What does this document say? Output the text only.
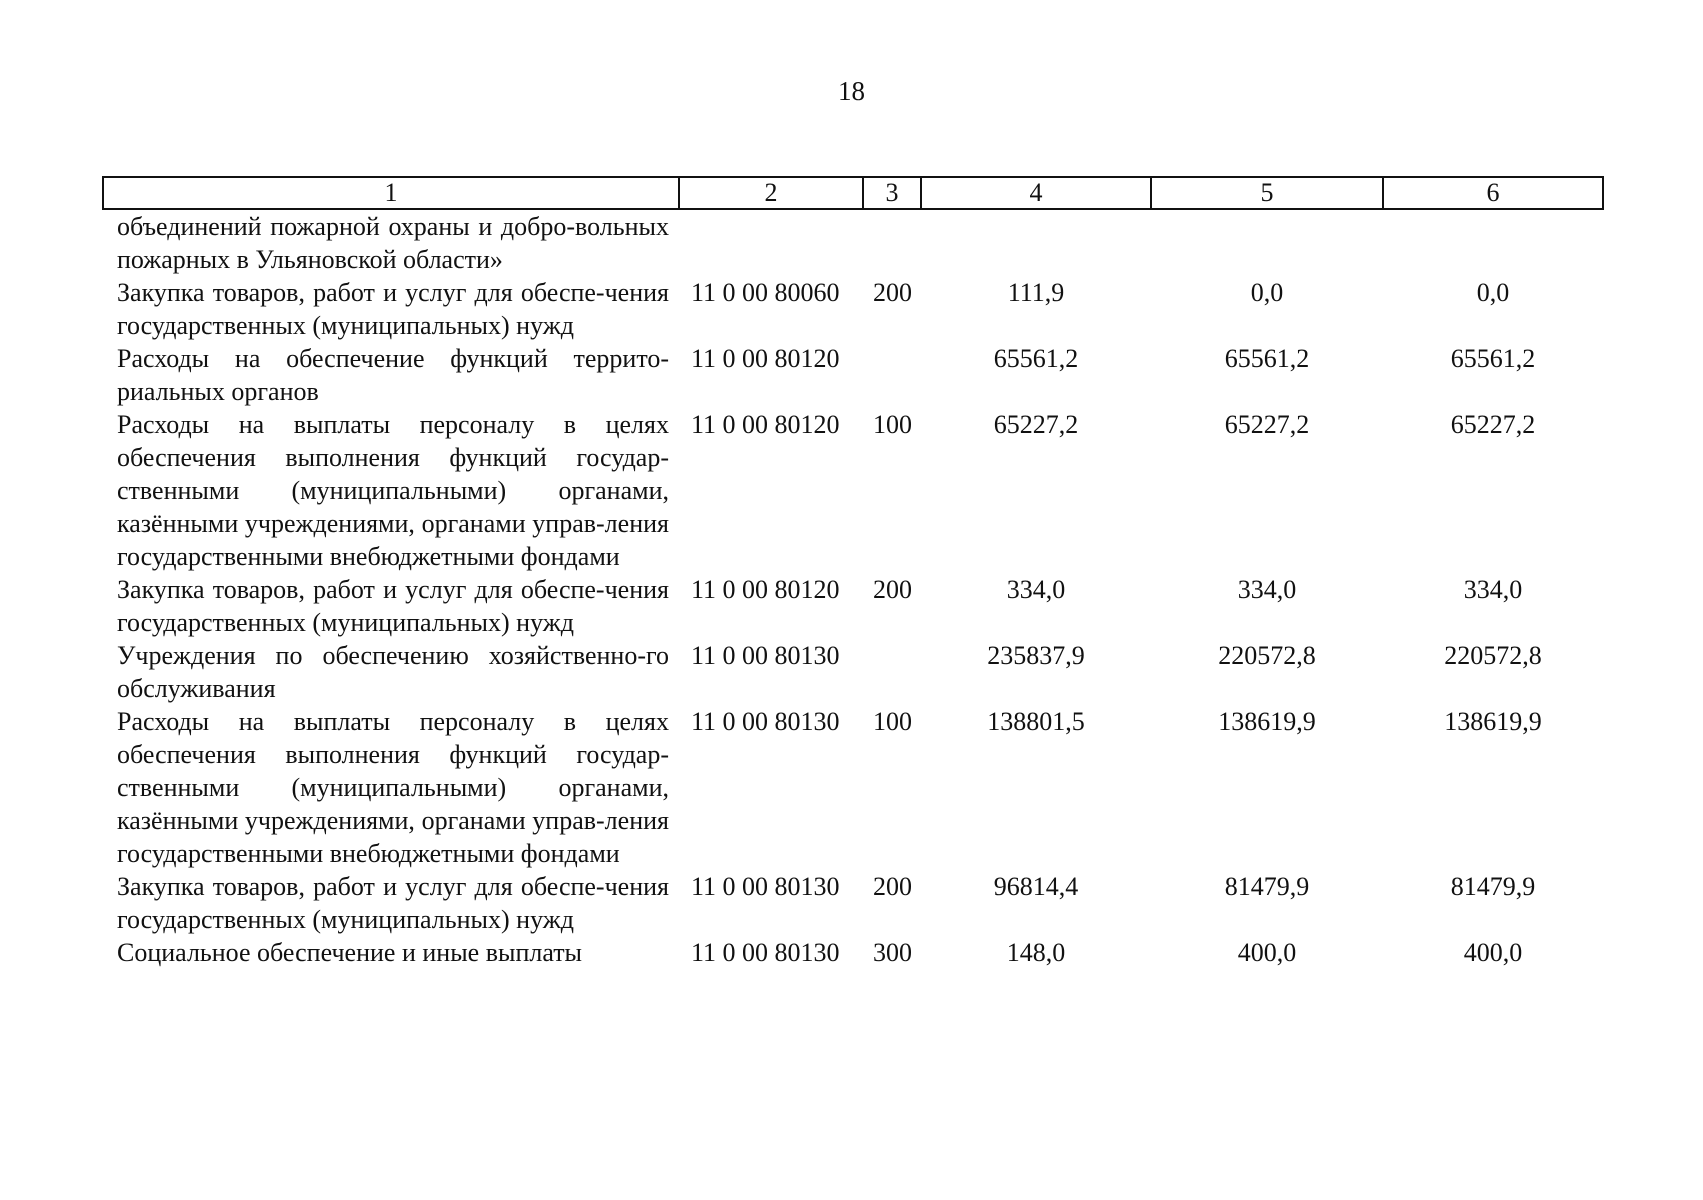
18
1	2	3	4	5	6
объединений пожарной охраны и добро-вольных пожарных в Ульяновской области»					
Закупка товаров, работ и услуг для обеспе-чения государственных (муниципальных) нужд	11 0 00 80060	200	111,9	0,0	0,0
Расходы на обеспечение функций террито-риальных органов	11 0 00 80120		65561,2	65561,2	65561,2
Расходы на выплаты персоналу в целях обеспечения выполнения функций государ-ственными (муниципальными) органами, казёнными учреждениями, органами управ-ления государственными внебюджетными фондами	11 0 00 80120	100	65227,2	65227,2	65227,2
Закупка товаров, работ и услуг для обеспе-чения государственных (муниципальных) нужд	11 0 00 80120	200	334,0	334,0	334,0
Учреждения по обеспечению хозяйственно-го обслуживания	11 0 00 80130		235837,9	220572,8	220572,8
Расходы на выплаты персоналу в целях обеспечения выполнения функций государ-ственными (муниципальными) органами, казёнными учреждениями, органами управ-ления государственными внебюджетными фондами	11 0 00 80130	100	138801,5	138619,9	138619,9
Закупка товаров, работ и услуг для обеспе-чения государственных (муниципальных) нужд	11 0 00 80130	200	96814,4	81479,9	81479,9
Социальное обеспечение и иные выплаты	11 0 00 80130	300	148,0	400,0	400,0
